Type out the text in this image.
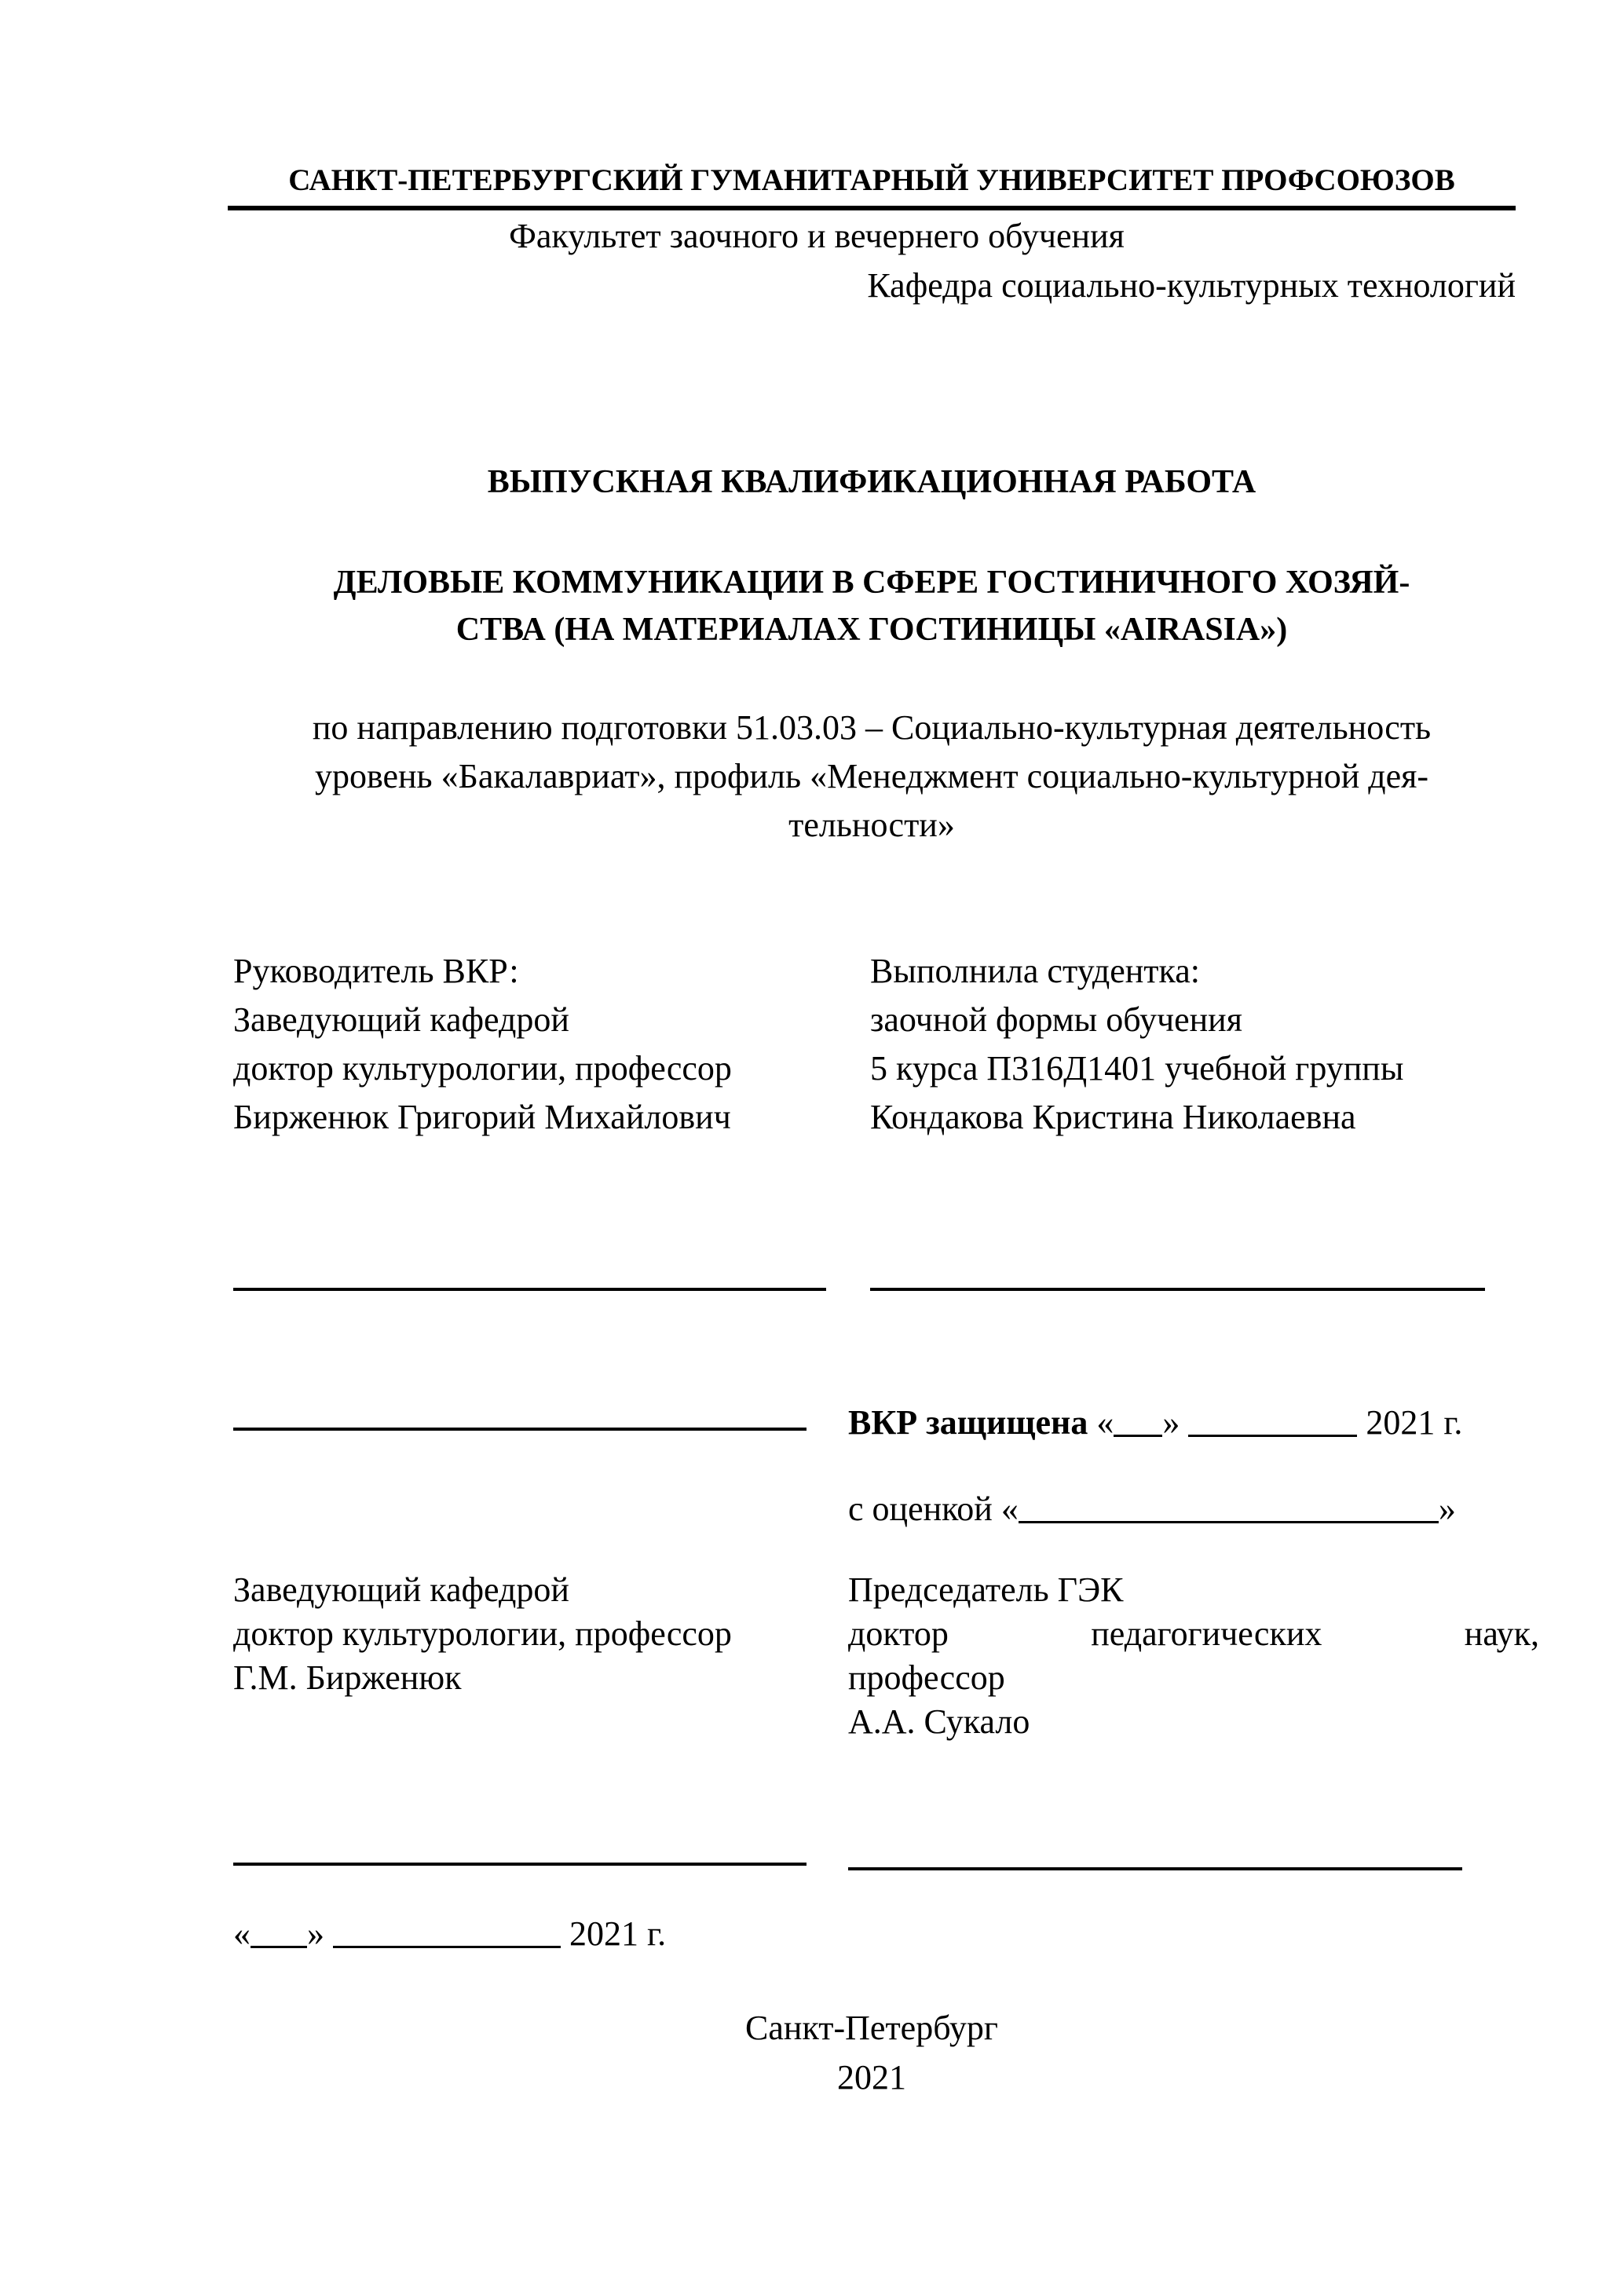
САНКТ-ПЕТЕРБУРГСКИЙ ГУМАНИТАРНЫЙ УНИВЕРСИТЕТ ПРОФСОЮЗОВ
Факультет заочного и вечернего обучения
Кафедра социально-культурных технологий
ВЫПУСКНАЯ КВАЛИФИКАЦИОННАЯ РАБОТА
ДЕЛОВЫЕ КОММУНИКАЦИИ В СФЕРЕ ГОСТИНИЧНОГО ХОЗЯЙ-
СТВА (НА МАТЕРИАЛАХ ГОСТИНИЦЫ «AIRASIA»)
по направлению подготовки 51.03.03 – Социально-культурная деятельность
уровень «Бакалавриат», профиль «Менеджмент социально-культурной дея-
тельности»
Руководитель ВКР:
Заведующий кафедрой
доктор культурологии, профессор
Бирженюк Григорий Михайлович
Выполнила студентка:
заочной формы обучения
5 курса П316Д1401 учебной группы
Кондакова Кристина Николаевна
ВКР защищена « »	2021 г.
с оценкой «	»
Заведующий кафедрой
доктор культурологии, профессор
Г.М. Бирженюк
Председатель ГЭК
доктор	педагогических	наук,
профессор
А.А. Сукало
« »	2021 г.
Санкт-Петербург
2021
